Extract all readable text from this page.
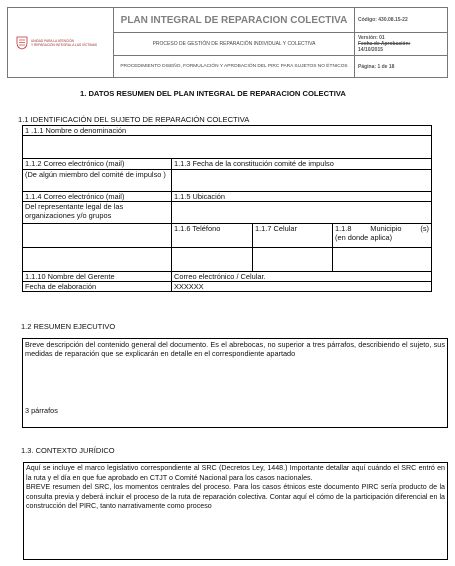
UNIDAD PARA LA ATENCIÓN
Y REPARACIÓN INTEGRAL A LAS VÍCTIMAS	PLAN INTEGRAL DE REPARACION COLECTIVA	Código: 430.08.15-22
	PROCESO DE GESTIÓN DE REPARACIÓN INDIVIDUAL Y COLECTIVA	Versión: 01
Fecha de Aprobación:
14/10/2015

	PROCEDIMIENTO DISEÑO, FORMULACIÓN Y APROBACIÓN DEL PIRC PARA SUJETOS NO ÉTNICOS	Página: 1 de 18
1. DATOS RESUMEN DEL PLAN INTEGRAL DE REPARACION COLECTIVA
1.1 IDENTIFICACIÓN DEL SUJETO DE REPARACIÓN COLECTIVA
1 .1.1 Nombre o denominación
1.1.2 Correo electrónico (mail)	1.1.3 Fecha de la constitución comité de impulso
(De algún miembro del comité de impulso )
1.1.4 Correo electrónico (mail)	1.1.5 Ubicación
Del representante legal de las organizaciones y/o grupos
1.1.6 Teléfono	1.1.7 Celular	1.1.8	Municipio	(s)
(en donde aplica)
1.1.10 Nombre del Gerente	Correo electrónico / Celular.
Fecha de elaboración	XXXXXX
1.2 RESUMEN EJECUTIVO
Breve descripción del contenido general del documento. Es el abrebocas, no superior a tres párrafos, describiendo el sujeto, sus medidas de reparación que se explicarán en detalle en el correspondiente apartado
3 párrafos
1.3. CONTEXTO JURÍDICO
Aquí se incluye el marco legislativo correspondiente al SRC (Decretos Ley, 1448.) Importante detallar aquí cuándo el SRC entró en la ruta y el día en que fue aprobado en CTJT o Comité Nacional para los casos nacionales.
BREVE resumen del SRC, los momentos centrales del proceso. Para los casos étnicos este documento PIRC sería producto de la consulta previa y deberá incluir el proceso de la ruta de reparación colectiva. Contar aquí el cómo de la participación diferencial en la construcción del PIRC, tanto narrativamente como proceso
